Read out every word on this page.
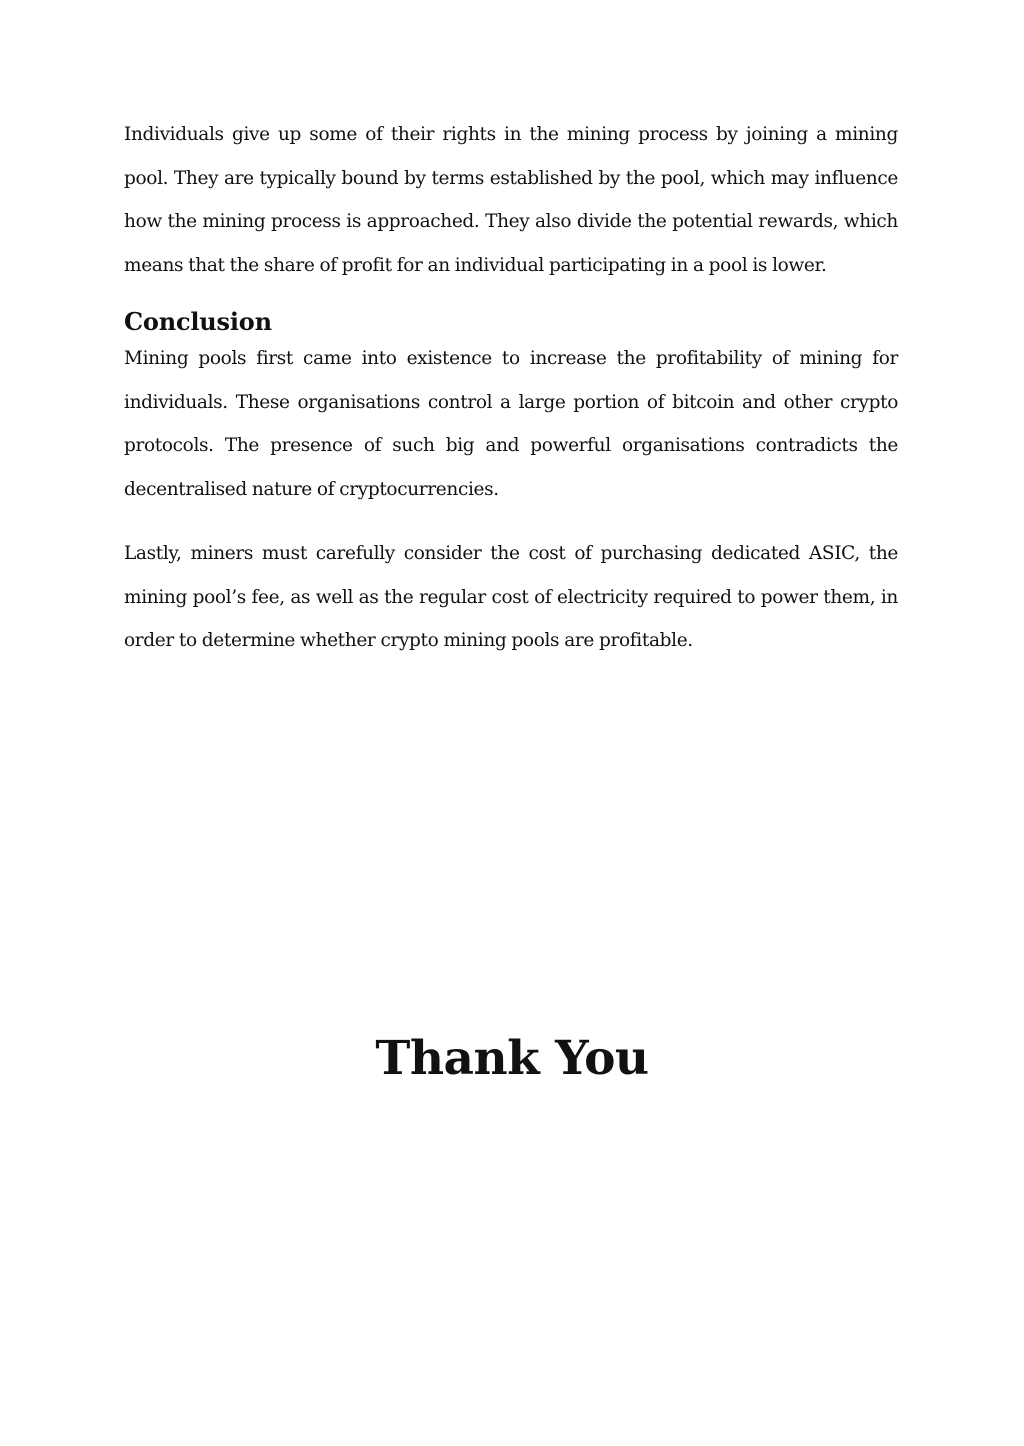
Individuals give up some of their rights in the mining process by joining a mining pool. They are typically bound by terms established by the pool, which may influence how the mining process is approached. They also divide the potential rewards, which means that the share of profit for an individual participating in a pool is lower.

Conclusion

Mining pools first came into existence to increase the profitability of mining for individuals. These organisations control a large portion of bitcoin and other crypto protocols. The presence of such big and powerful organisations contradicts the decentralised nature of cryptocurrencies.

Lastly, miners must carefully consider the cost of purchasing dedicated ASIC, the mining pool’s fee, as well as the regular cost of electricity required to power them, in order to determine whether crypto mining pools are profitable.

Thank You
